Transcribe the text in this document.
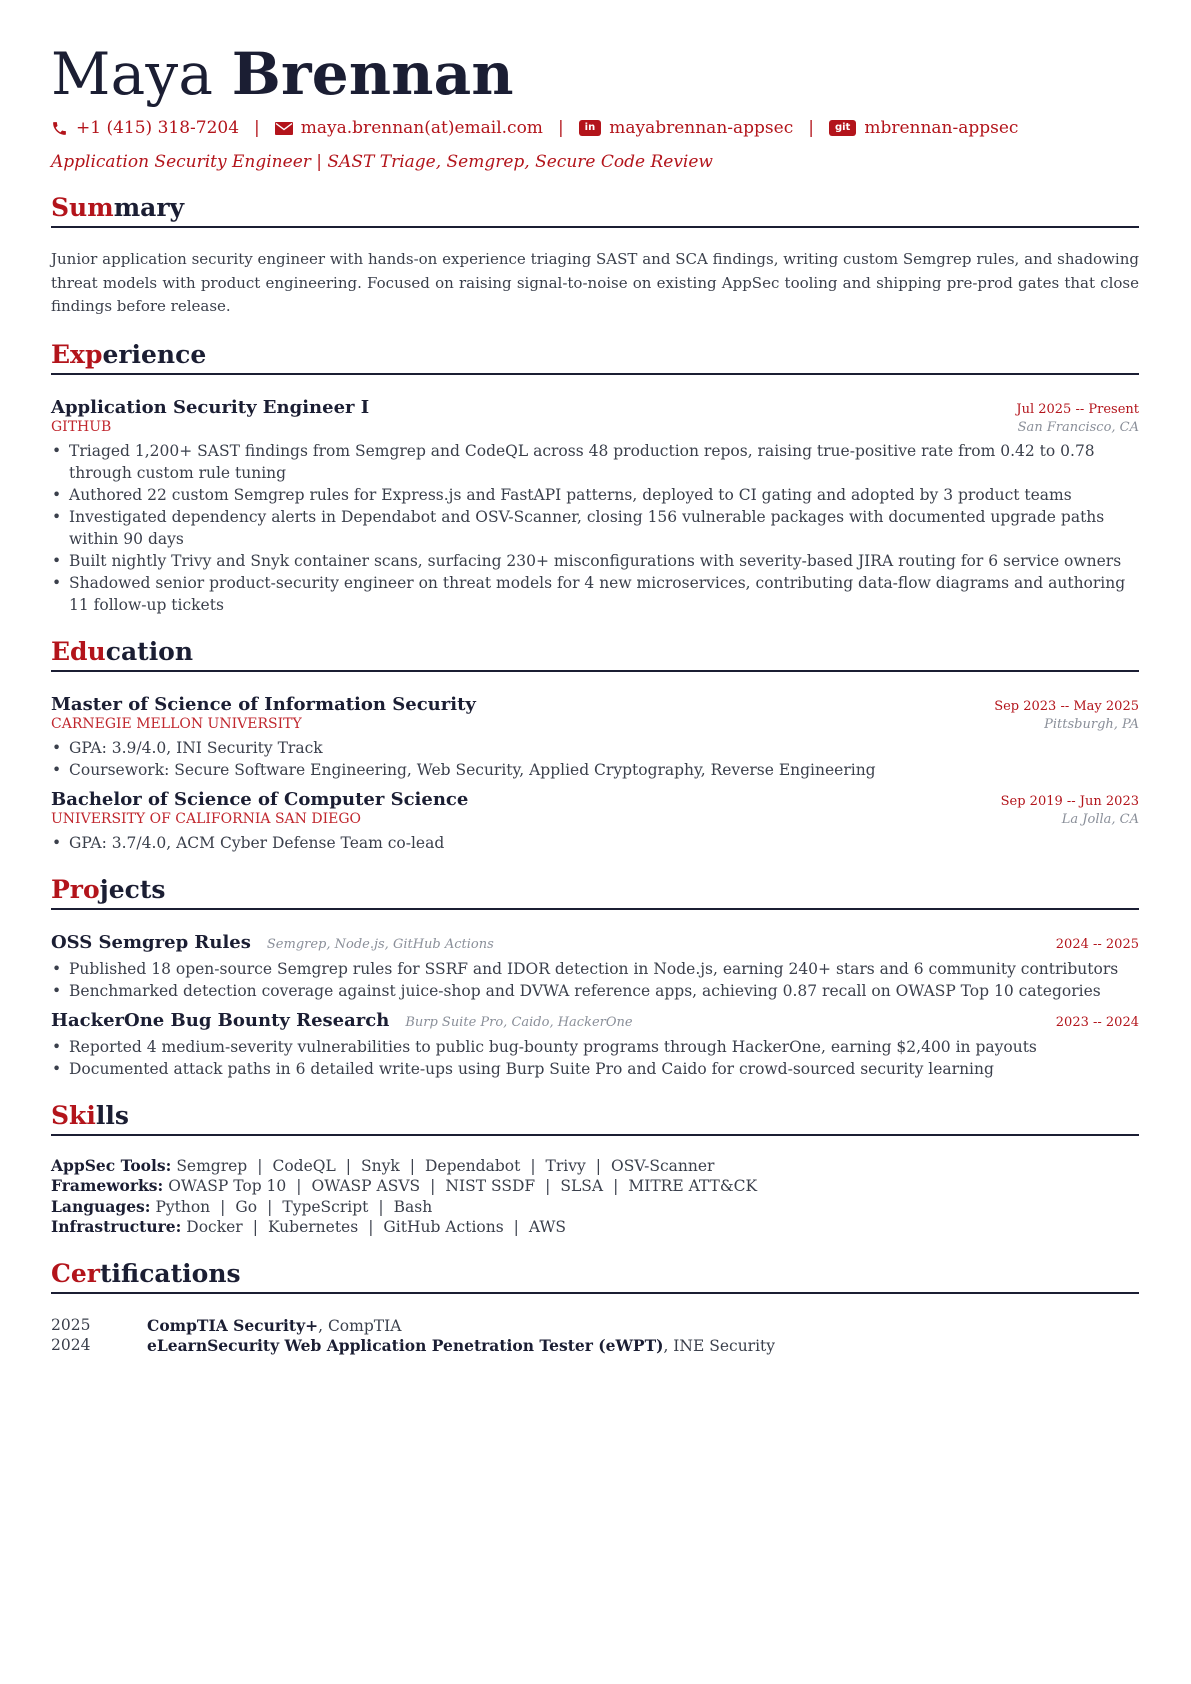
Maya Brennan
+1 (415) 318-7204 | maya.brennan(at)email.com |	in mayabrennan-appsec |	git mbrennan-appsec
Application Security Engineer | SAST Triage, Semgrep, Secure Code Review
Summary
Junior application security engineer with hands-on experience triaging SAST and SCA findings, writing custom Semgrep rules, and shadowing threat models with product engineering. Focused on raising signal-to-noise on existing AppSec tooling and shipping pre-prod gates that close findings before release.
Experience
Application Security Engineer I	Jul 2025 -- Present
GITHUB	San Francisco, CA
• Triaged 1,200+ SAST findings from Semgrep and CodeQL across 48 production repos, raising true-positive rate from 0.42 to 0.78 through custom rule tuning
• Authored 22 custom Semgrep rules for Express.js and FastAPI patterns, deployed to CI gating and adopted by 3 product teams
• Investigated dependency alerts in Dependabot and OSV-Scanner, closing 156 vulnerable packages with documented upgrade paths within 90 days
• Built nightly Trivy and Snyk container scans, surfacing 230+ misconfigurations with severity-based JIRA routing for 6 service owners
• Shadowed senior product-security engineer on threat models for 4 new microservices, contributing data-flow diagrams and authoring 11 follow-up tickets
Education
Master of Science of Information Security	Sep 2023 -- May 2025
CARNEGIE MELLON UNIVERSITY	Pittsburgh, PA
• GPA: 3.9/4.0, INI Security Track
• Coursework: Secure Software Engineering, Web Security, Applied Cryptography, Reverse Engineering
Bachelor of Science of Computer Science	Sep 2019 -- Jun 2023
UNIVERSITY OF CALIFORNIA SAN DIEGO	La Jolla, CA
• GPA: 3.7/4.0, ACM Cyber Defense Team co-lead
Projects
OSS Semgrep Rules Semgrep, Node.js, GitHub Actions	2024 -- 2025
• Published 18 open-source Semgrep rules for SSRF and IDOR detection in Node.js, earning 240+ stars and 6 community contributors
• Benchmarked detection coverage against juice-shop and DVWA reference apps, achieving 0.87 recall on OWASP Top 10 categories
HackerOne Bug Bounty Research Burp Suite Pro, Caido, HackerOne	2023 -- 2024
• Reported 4 medium-severity vulnerabilities to public bug-bounty programs through HackerOne, earning $2,400 in payouts
• Documented attack paths in 6 detailed write-ups using Burp Suite Pro and Caido for crowd-sourced security learning
Skills
AppSec Tools: Semgrep | CodeQL | Snyk | Dependabot | Trivy | OSV-Scanner
Frameworks: OWASP Top 10 | OWASP ASVS | NIST SSDF | SLSA | MITRE ATT&CK
Languages: Python | Go | TypeScript | Bash
Infrastructure: Docker | Kubernetes | GitHub Actions | AWS
Certifications
2025	CompTIA Security+, CompTIA
2024	eLearnSecurity Web Application Penetration Tester (eWPT), INE Security
